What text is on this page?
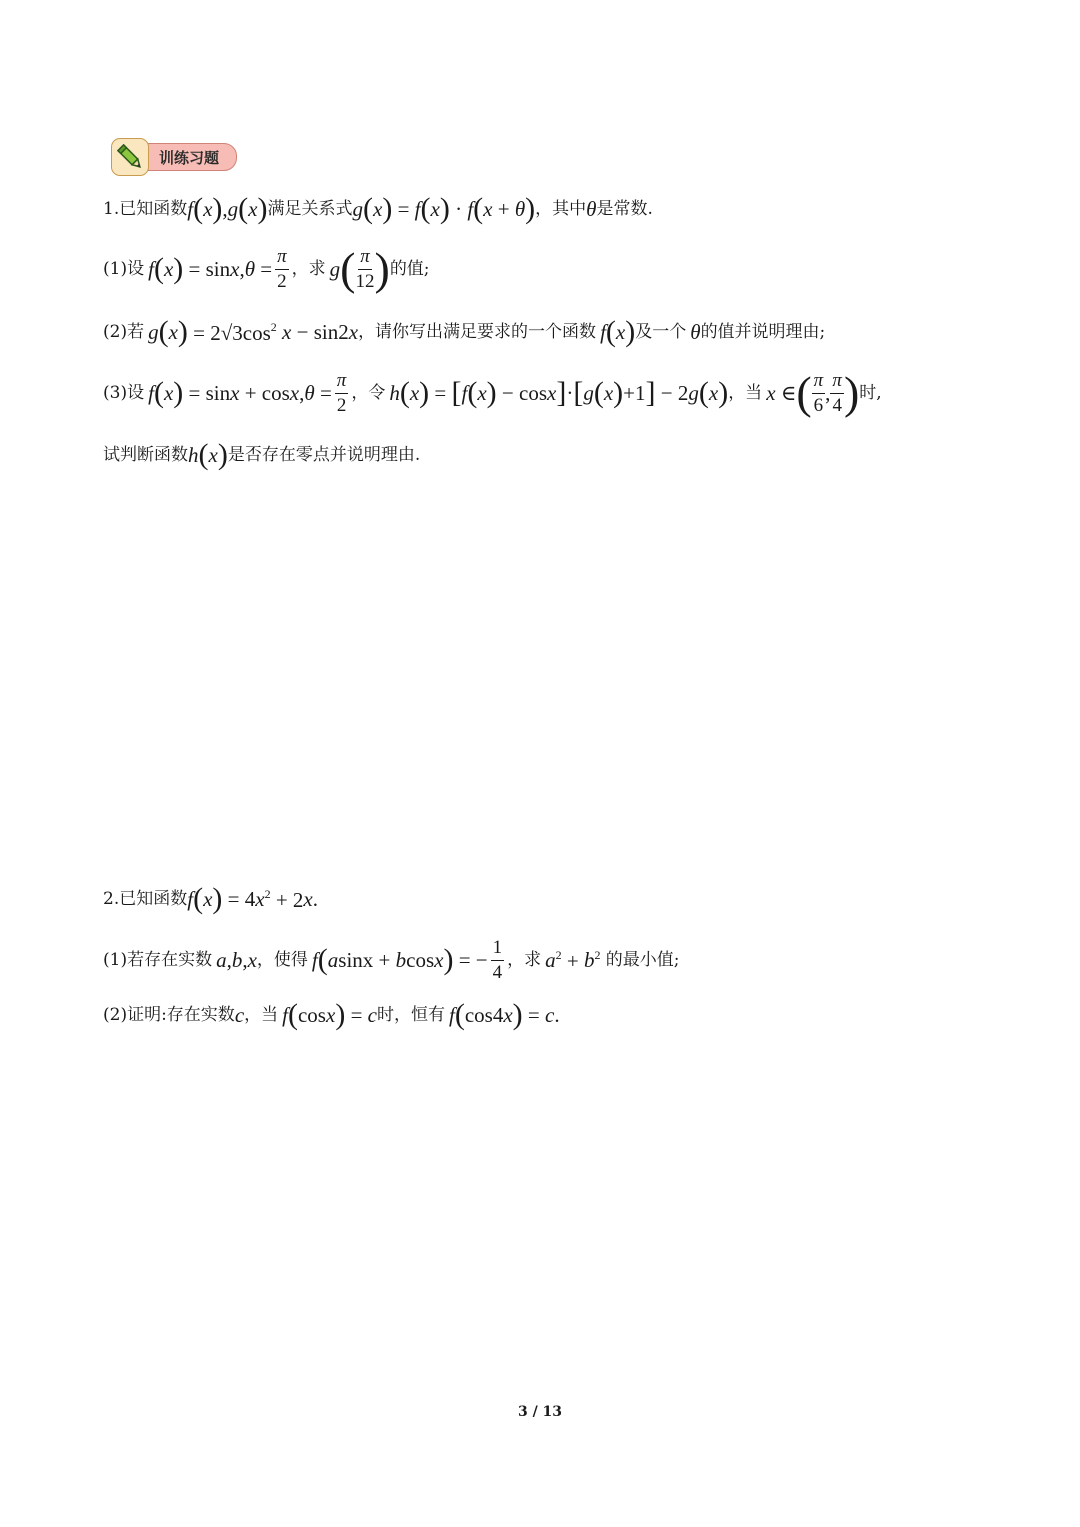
训练习题
1.已知函数 f ( x ) , g ( x ) 满足关系式 g ( x ) = f ( x ) · f ( x + θ ) ，其中 θ 是常数.
(1)设 f ( x ) = sin x , $\theta = \frac{\pi}{2}$ ，求 g ( $\frac{\pi}{12}$ ) 的值;
(2)若 g ( x ) = $2√3\cos^2$ x − sin2 x ，请你写出满足要求的一个函数 f ( x ) 及一个 θ 的值并说明理由;
(3)设 f ( x ) = sin x + cos x , $\theta = \frac{\pi}{2}$ ，令 h ( x ) = [ f ( x ) − cos x ] · [ g ( x ) +1 ] − 2 g ( x ) ，当 x ∈ ( $\frac{\pi}{6}$ , $\frac{\pi}{4}$ ) 时,
试判断函数 h ( x ) 是否存在零点并说明理由.
2.已知函数 f ( x ) = 4 x $^2$ + 2 x .
(1)若存在实数 a , b , x ，使得 f ( a sinx + b cos x ) = − $\frac{1}{4}$ ，求 a $^2$ + b $^2$ 的最小值;
(2)证明:存在实数 c ，当 f ( cos x ) = c 时，恒有 f ( cos4 x ) = c .
3 / 13
